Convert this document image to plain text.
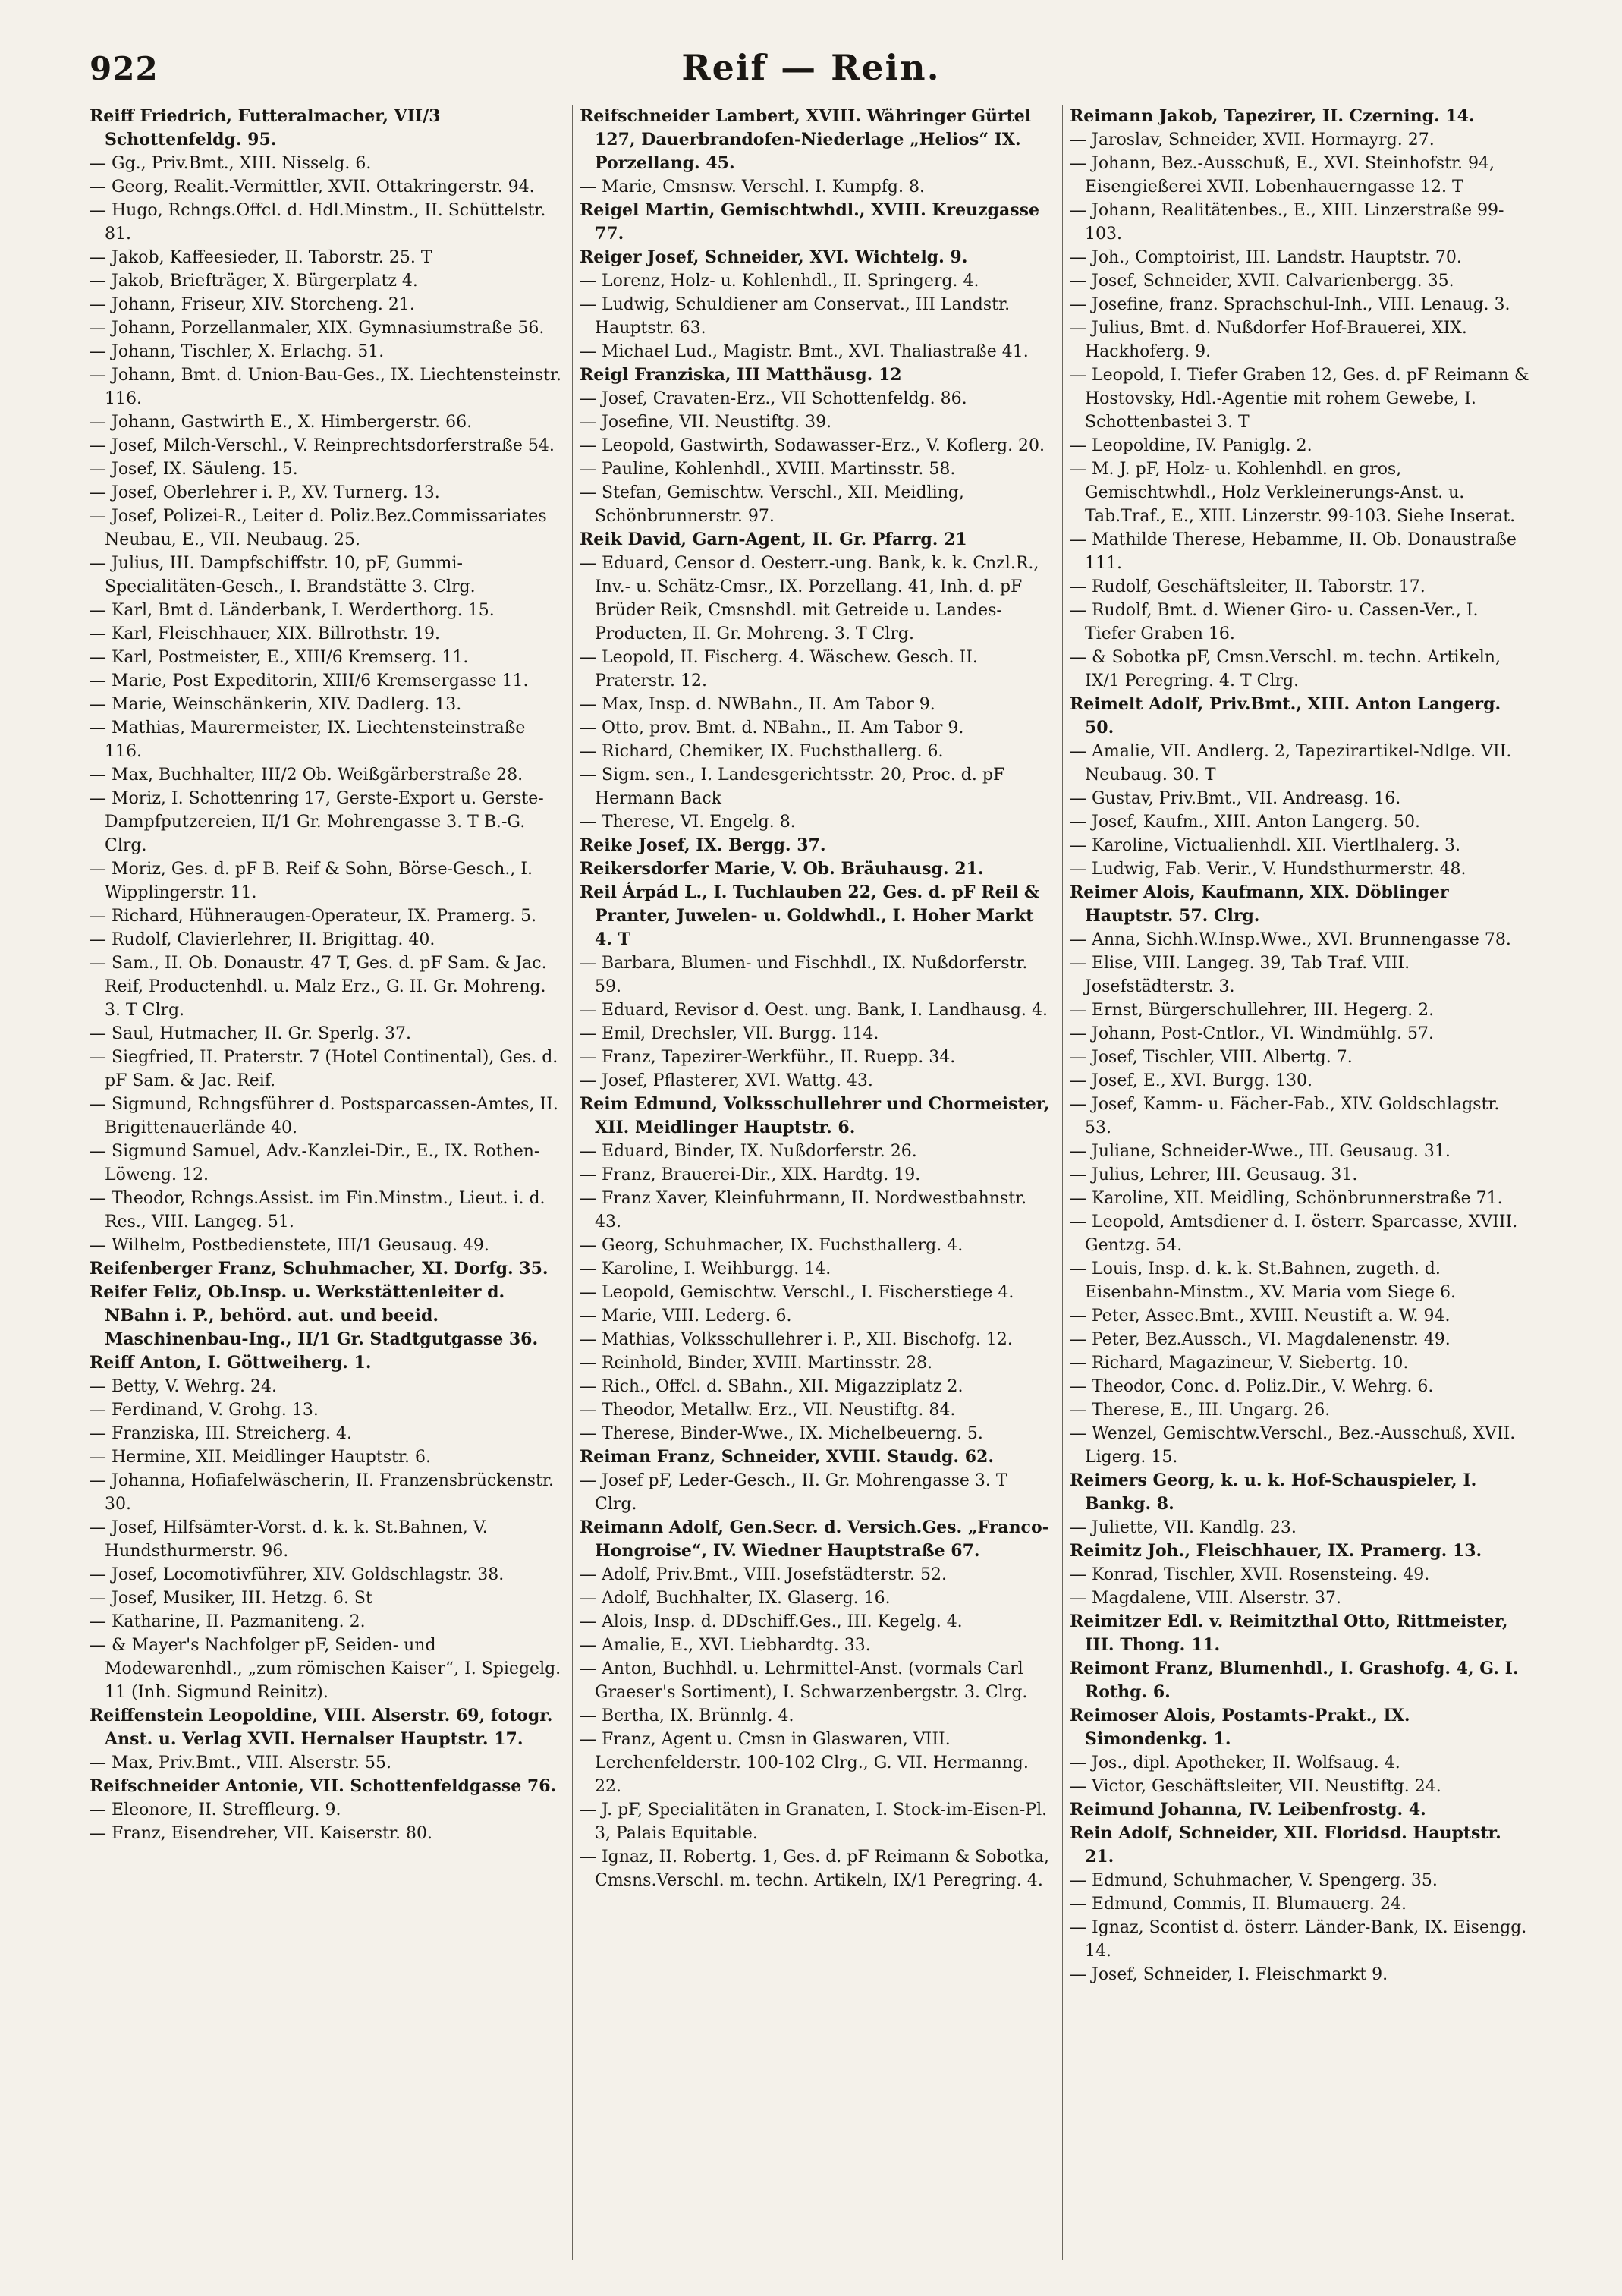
922	Reif — Rein.

Reiff Friedrich, Futteralmacher, VII/3 Schottenfeldg. 95.

— Gg., Priv.Bmt., XIII. Nisselg. 6.

— Georg, Realit.-Vermittler, XVII. Ottakringerstr. 94.

— Hugo, Rchngs.Offcl. d. Hdl.Minstm., II. Schüttelstr. 81.

— Jakob, Kaffeesieder, II. Taborstr. 25. T

— Jakob, Briefträger, X. Bürgerplatz 4.

— Johann, Friseur, XIV. Storcheng. 21.

— Johann, Porzellanmaler, XIX. Gymnasiumstraße 56.

— Johann, Tischler, X. Erlachg. 51.

— Johann, Bmt. d. Union-Bau-Ges., IX. Liechtensteinstr. 116.

— Johann, Gastwirth E., X. Himbergerstr. 66.

— Josef, Milch-Verschl., V. Reinprechtsdorferstraße 54.

— Josef, IX. Säuleng. 15.

— Josef, Oberlehrer i. P., XV. Turnerg. 13.

— Josef, Polizei-R., Leiter d. Poliz.Bez.Commissariates Neubau, E., VII. Neubaug. 25.

— Julius, III. Dampfschiffstr. 10, pF, Gummi-Specialitäten-Gesch., I. Brandstätte 3. Clrg.

— Karl, Bmt d. Länderbank, I. Werderthorg. 15.

— Karl, Fleischhauer, XIX. Billrothstr. 19.

— Karl, Postmeister, E., XIII/6 Kremserg. 11.

— Marie, Post Expeditorin, XIII/6 Kremsergasse 11.

— Marie, Weinschänkerin, XIV. Dadlerg. 13.

— Mathias, Maurermeister, IX. Liechtensteinstraße 116.

— Max, Buchhalter, III/2 Ob. Weißgärberstraße 28.

— Moriz, I. Schottenring 17, Gerste-Export u. Gerste-Dampfputzereien, II/1 Gr. Mohrengasse 3. T B.-G. Clrg.

— Moriz, Ges. d. pF B. Reif & Sohn, Börse-Gesch., I. Wipplingerstr. 11.

— Richard, Hühneraugen-Operateur, IX. Pramerg. 5.

— Rudolf, Clavierlehrer, II. Brigittag. 40.

— Sam., II. Ob. Donaustr. 47 T, Ges. d. pF Sam. & Jac. Reif, Productenhdl. u. Malz Erz., G. II. Gr. Mohreng. 3. T Clrg.

— Saul, Hutmacher, II. Gr. Sperlg. 37.

— Siegfried, II. Praterstr. 7 (Hotel Continental), Ges. d. pF Sam. & Jac. Reif.

— Sigmund, Rchngsführer d. Postsparcassen-Amtes, II. Brigittenauerlände 40.

— Sigmund Samuel, Adv.-Kanzlei-Dir., E., IX. Rothen-Löweng. 12.

— Theodor, Rchngs.Assist. im Fin.Minstm., Lieut. i. d. Res., VIII. Langeg. 51.

— Wilhelm, Postbedienstete, III/1 Geusaug. 49.

Reifenberger Franz, Schuhmacher, XI. Dorfg. 35.

Reifer Feliz, Ob.Insp. u. Werkstättenleiter d. NBahn i. P., behörd. aut. und beeid. Maschinenbau-Ing., II/1 Gr. Stadtgutgasse 36.

Reiff Anton, I. Göttweiherg. 1.

— Betty, V. Wehrg. 24.

— Ferdinand, V. Grohg. 13.

— Franziska, III. Streicherg. 4.

— Hermine, XII. Meidlinger Hauptstr. 6.

— Johanna, Hofiafelwäscherin, II. Franzensbrückenstr. 30.

— Josef, Hilfsämter-Vorst. d. k. k. St.Bahnen, V. Hundsthurmerstr. 96.

— Josef, Locomotivführer, XIV. Goldschlagstr. 38.

— Josef, Musiker, III. Hetzg. 6. St

— Katharine, II. Pazmaniteng. 2.

— & Mayer's Nachfolger pF, Seiden- und Modewarenhdl., „zum römischen Kaiser“, I. Spiegelg. 11 (Inh. Sigmund Reinitz).

Reiffenstein Leopoldine, VIII. Alserstr. 69, fotogr. Anst. u. Verlag XVII. Hernalser Hauptstr. 17.

— Max, Priv.Bmt., VIII. Alserstr. 55.

Reifschneider Antonie, VII. Schottenfeldgasse 76.

— Eleonore, II. Streffleurg. 9.

— Franz, Eisendreher, VII. Kaiserstr. 80.

Reifschneider Lambert, XVIII. Währinger Gürtel 127, Dauerbrandofen-Niederlage „Helios“ IX. Porzellang. 45.

— Marie, Cmsnsw. Verschl. I. Kumpfg. 8.

Reigel Martin, Gemischtwhdl., XVIII. Kreuzgasse 77.

Reiger Josef, Schneider, XVI. Wichtelg. 9.

— Lorenz, Holz- u. Kohlenhdl., II. Springerg. 4.

— Ludwig, Schuldiener am Conservat., III Landstr. Hauptstr. 63.

— Michael Lud., Magistr. Bmt., XVI. Thaliastraße 41.

Reigl Franziska, III Matthäusg. 12

— Josef, Cravaten-Erz., VII Schottenfeldg. 86.

— Josefine, VII. Neustiftg. 39.

— Leopold, Gastwirth, Sodawasser-Erz., V. Koflerg. 20.

— Pauline, Kohlenhdl., XVIII. Martinsstr. 58.

— Stefan, Gemischtw. Verschl., XII. Meidling, Schönbrunnerstr. 97.

Reik David, Garn-Agent, II. Gr. Pfarrg. 21

— Eduard, Censor d. Oesterr.-ung. Bank, k. k. Cnzl.R., Inv.- u. Schätz-Cmsr., IX. Porzellang. 41, Inh. d. pF Brüder Reik, Cmsnshdl. mit Getreide u. Landes-Producten, II. Gr. Mohreng. 3. T Clrg.

— Leopold, II. Fischerg. 4. Wäschew. Gesch. II. Praterstr. 12.

— Max, Insp. d. NWBahn., II. Am Tabor 9.

— Otto, prov. Bmt. d. NBahn., II. Am Tabor 9.

— Richard, Chemiker, IX. Fuchsthallerg. 6.

— Sigm. sen., I. Landesgerichtsstr. 20, Proc. d. pF Hermann Back

— Therese, VI. Engelg. 8.

Reike Josef, IX. Bergg. 37.

Reikersdorfer Marie, V. Ob. Bräuhausg. 21.

Reil Árpád L., I. Tuchlauben 22, Ges. d. pF Reil & Pranter, Juwelen- u. Goldwhdl., I. Hoher Markt 4. T

— Barbara, Blumen- und Fischhdl., IX. Nußdorferstr. 59.

— Eduard, Revisor d. Oest. ung. Bank, I. Landhausg. 4.

— Emil, Drechsler, VII. Burgg. 114.

— Franz, Tapezirer-Werkführ., II. Ruepp. 34.

— Josef, Pflasterer, XVI. Wattg. 43.

Reim Edmund, Volksschullehrer und Chormeister, XII. Meidlinger Hauptstr. 6.

— Eduard, Binder, IX. Nußdorferstr. 26.

— Franz, Brauerei-Dir., XIX. Hardtg. 19.

— Franz Xaver, Kleinfuhrmann, II. Nordwestbahnstr. 43.

— Georg, Schuhmacher, IX. Fuchsthallerg. 4.

— Karoline, I. Weihburgg. 14.

— Leopold, Gemischtw. Verschl., I. Fischerstiege 4.

— Marie, VIII. Lederg. 6.

— Mathias, Volksschullehrer i. P., XII. Bischofg. 12.

— Reinhold, Binder, XVIII. Martinsstr. 28.

— Rich., Offcl. d. SBahn., XII. Migazziplatz 2.

— Theodor, Metallw. Erz., VII. Neustiftg. 84.

— Therese, Binder-Wwe., IX. Michelbeuerng. 5.

Reiman Franz, Schneider, XVIII. Staudg. 62.

— Josef pF, Leder-Gesch., II. Gr. Mohrengasse 3. T Clrg.

Reimann Adolf, Gen.Secr. d. Versich.Ges. „Franco-Hongroise“, IV. Wiedner Hauptstraße 67.

— Adolf, Priv.Bmt., VIII. Josefstädterstr. 52.

— Adolf, Buchhalter, IX. Glaserg. 16.

— Alois, Insp. d. DDschiff.Ges., III. Kegelg. 4.

— Amalie, E., XVI. Liebhardtg. 33.

— Anton, Buchhdl. u. Lehrmittel-Anst. (vormals Carl Graeser's Sortiment), I. Schwarzenbergstr. 3. Clrg.

— Bertha, IX. Brünnlg. 4.

— Franz, Agent u. Cmsn in Glaswaren, VIII. Lerchenfelderstr. 100-102 Clrg., G. VII. Hermanng. 22.

— J. pF, Specialitäten in Granaten, I. Stock-im-Eisen-Pl. 3, Palais Equitable.

— Ignaz, II. Robertg. 1, Ges. d. pF Reimann & Sobotka, Cmsns.Verschl. m. techn. Artikeln, IX/1 Peregring. 4.

Reimann Jakob, Tapezirer, II. Czerning. 14.

— Jaroslav, Schneider, XVII. Hormayrg. 27.

— Johann, Bez.-Ausschuß, E., XVI. Steinhofstr. 94, Eisengießerei XVII. Lobenhauerngasse 12. T

— Johann, Realitätenbes., E., XIII. Linzerstraße 99-103.

— Joh., Comptoirist, III. Landstr. Hauptstr. 70.

— Josef, Schneider, XVII. Calvarienbergg. 35.

— Josefine, franz. Sprachschul-Inh., VIII. Lenaug. 3.

— Julius, Bmt. d. Nußdorfer Hof-Brauerei, XIX. Hackhoferg. 9.

— Leopold, I. Tiefer Graben 12, Ges. d. pF Reimann & Hostovsky, Hdl.-Agentie mit rohem Gewebe, I. Schottenbastei 3. T

— Leopoldine, IV. Paniglg. 2.

— M. J. pF, Holz- u. Kohlenhdl. en gros, Gemischtwhdl., Holz Verkleinerungs-Anst. u. Tab.Traf., E., XIII. Linzerstr. 99-103. Siehe Inserat.

— Mathilde Therese, Hebamme, II. Ob. Donaustraße 111.

— Rudolf, Geschäftsleiter, II. Taborstr. 17.

— Rudolf, Bmt. d. Wiener Giro- u. Cassen-Ver., I. Tiefer Graben 16.

— & Sobotka pF, Cmsn.Verschl. m. techn. Artikeln, IX/1 Peregring. 4. T Clrg.

Reimelt Adolf, Priv.Bmt., XIII. Anton Langerg. 50.

— Amalie, VII. Andlerg. 2, Tapezirartikel-Ndlge. VII. Neubaug. 30. T

— Gustav, Priv.Bmt., VII. Andreasg. 16.

— Josef, Kaufm., XIII. Anton Langerg. 50.

— Karoline, Victualienhdl. XII. Viertlhalerg. 3.

— Ludwig, Fab. Verir., V. Hundsthurmerstr. 48.

Reimer Alois, Kaufmann, XIX. Döblinger Hauptstr. 57. Clrg.

— Anna, Sichh.W.Insp.Wwe., XVI. Brunnengasse 78.

— Elise, VIII. Langeg. 39, Tab Traf. VIII. Josefstädterstr. 3.

— Ernst, Bürgerschullehrer, III. Hegerg. 2.

— Johann, Post-Cntlor., VI. Windmühlg. 57.

— Josef, Tischler, VIII. Albertg. 7.

— Josef, E., XVI. Burgg. 130.

— Josef, Kamm- u. Fächer-Fab., XIV. Goldschlagstr. 53.

— Juliane, Schneider-Wwe., III. Geusaug. 31.

— Julius, Lehrer, III. Geusaug. 31.

— Karoline, XII. Meidling, Schönbrunnerstraße 71.

— Leopold, Amtsdiener d. I. österr. Sparcasse, XVIII. Gentzg. 54.

— Louis, Insp. d. k. k. St.Bahnen, zugeth. d. Eisenbahn-Minstm., XV. Maria vom Siege 6.

— Peter, Assec.Bmt., XVIII. Neustift a. W. 94.

— Peter, Bez.Aussch., VI. Magdalenenstr. 49.

— Richard, Magazineur, V. Siebertg. 10.

— Theodor, Conc. d. Poliz.Dir., V. Wehrg. 6.

— Therese, E., III. Ungarg. 26.

— Wenzel, Gemischtw.Verschl., Bez.-Ausschuß, XVII. Ligerg. 15.

Reimers Georg, k. u. k. Hof-Schauspieler, I. Bankg. 8.

— Juliette, VII. Kandlg. 23.

Reimitz Joh., Fleischhauer, IX. Pramerg. 13.

— Konrad, Tischler, XVII. Rosensteing. 49.

— Magdalene, VIII. Alserstr. 37.

Reimitzer Edl. v. Reimitzthal Otto, Rittmeister, III. Thong. 11.

Reimont Franz, Blumenhdl., I. Grashofg. 4, G. I. Rothg. 6.

Reimoser Alois, Postamts-Prakt., IX. Simondenkg. 1.

— Jos., dipl. Apotheker, II. Wolfsaug. 4.

— Victor, Geschäftsleiter, VII. Neustiftg. 24.

Reimund Johanna, IV. Leibenfrostg. 4.

Rein Adolf, Schneider, XII. Floridsd. Hauptstr. 21.

— Edmund, Schuhmacher, V. Spengerg. 35.

— Edmund, Commis, II. Blumauerg. 24.

— Ignaz, Scontist d. österr. Länder-Bank, IX. Eisengg. 14.

— Josef, Schneider, I. Fleischmarkt 9.
